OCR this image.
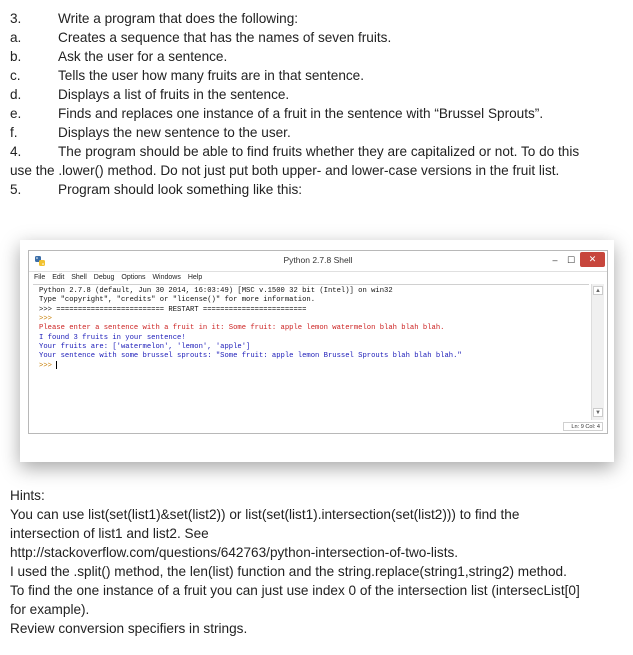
3.	Write a program that does the following:
a.	Creates a sequence that has the names of seven fruits.
b.	Ask the user for a sentence.
c.	Tells the user how many fruits are in that sentence.
d.	Displays a list of fruits in the sentence.
e.	Finds and replaces one instance of a fruit in the sentence with “Brussel Sprouts”.
f.	Displays the new sentence to the user.
4.	The program should be able to find fruits whether they are capitalized or not. To do this
use the .lower() method. Do not just put both upper- and lower-case versions in the fruit list.
5.	Program should look something like this:
Python 2.7.8 Shell	–	☐	✕
File Edit Shell Debug Options Windows Help

Python 2.7.8 (default, Jun 30 2014, 16:03:49) [MSC v.1500 32 bit (Intel)] on win32

Type "copyright", "credits" or "license()" for more information.

>>> ========================= RESTART ========================

>>>

Please enter a sentence with a fruit in it: Some fruit: apple lemon watermelon blah blah blah.

I found 3 fruits in your sentence!

Your fruits are: ['watermelon', 'lemon', 'apple']

Your sentence with some brussel sprouts: "Some fruit: apple lemon Brussel Sprouts blah blah blah."

>>>

▲
▼
Ln: 9 Col: 4
Hints:
You can use list(set(list1)&set(list2)) or list(set(list1).intersection(set(list2))) to find the
intersection of list1 and list2. See
http://stackoverflow.com/questions/642763/python-intersection-of-two-lists.
I used the .split() method, the len(list) function and the string.replace(string1,string2) method.
To find the one instance of a fruit you can just use index 0 of the intersection list (intersecList[0]
for example).
Review conversion specifiers in strings.
